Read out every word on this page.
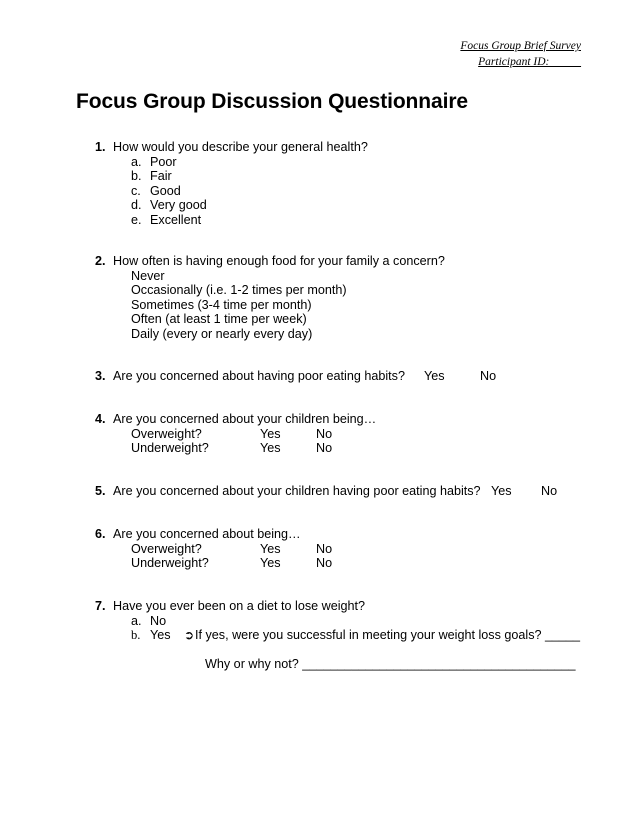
Focus Group Brief Survey
Participant ID: _____
Focus Group Discussion Questionnaire
1. How would you describe your general health?
a. Poor
b. Fair
c. Good
d. Very good
e. Excellent
2. How often is having enough food for your family a concern?
Never
Occasionally (i.e. 1-2 times per month)
Sometimes (3-4 time per month)
Often (at least 1 time per week)
Daily (every or nearly every day)
3. Are you concerned about having poor eating habits? Yes	No
4. Are you concerned about your children being…
Overweight?	Yes	No
Underweight?	Yes	No
5. Are you concerned about your children having poor eating habits? Yes No
6. Are you concerned about being…
Overweight?	Yes	No
Underweight?	Yes	No
7. Have you ever been on a diet to lose weight?
a. No
b. Yes ➲ If yes, were you successful in meeting your weight loss goals? _____
Why or why not? _______________________________________
